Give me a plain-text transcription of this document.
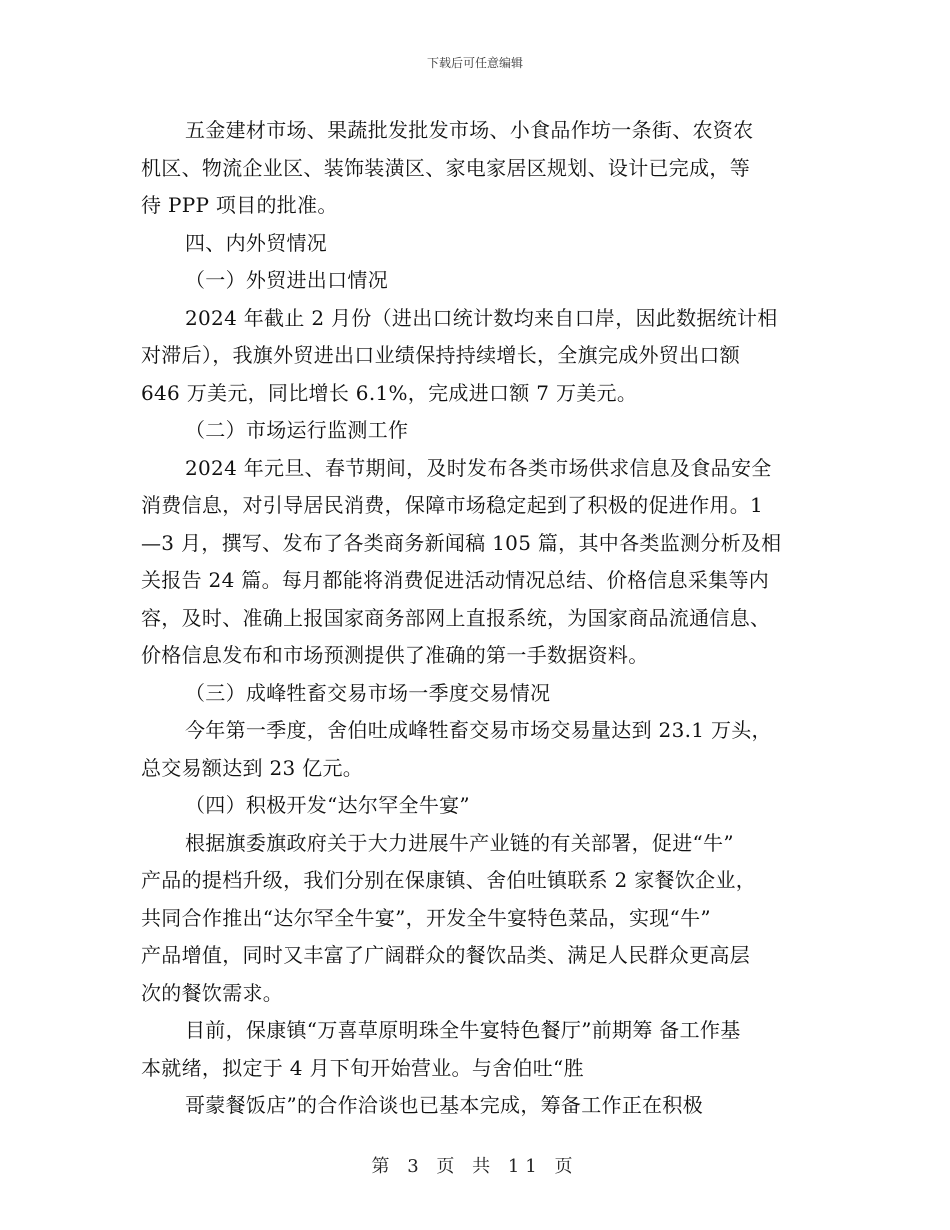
下载后可任意编辑
五金建材市场、果蔬批发批发市场、小食品作坊一条街、农资农
机区、物流企业区、装饰装潢区、家电家居区规划、设计已完成，等
待 PPP 项目的批准。
四、内外贸情况
（一）外贸进出口情况
2024 年截止 2 月份（进出口统计数均来自口岸，因此数据统计相
对滞后），我旗外贸进出口业绩保持持续增长，全旗完成外贸出口额
646 万美元，同比增长 6.1%，完成进口额 7 万美元。
（二）市场运行监测工作
2024 年元旦、春节期间，及时发布各类市场供求信息及食品安全
消费信息，对引导居民消费，保障市场稳定起到了积极的促进作用。1
—3 月，撰写、发布了各类商务新闻稿 105 篇，其中各类监测分析及相
关报告 24 篇。每月都能将消费促进活动情况总结、价格信息采集等内
容，及时、准确上报国家商务部网上直报系统，为国家商品流通信息、
价格信息发布和市场预测提供了准确的第一手数据资料。
（三）成峰牲畜交易市场一季度交易情况
今年第一季度，舍伯吐成峰牲畜交易市场交易量达到 23.1 万头，
总交易额达到 23 亿元。
（四）积极开发“达尔罕全牛宴”
根据旗委旗政府关于大力进展牛产业链的有关部署，促进“牛”
产品的提档升级，我们分别在保康镇、舍伯吐镇联系 2 家餐饮企业，
共同合作推出“达尔罕全牛宴”，开发全牛宴特色菜品，实现“牛”
产品增值，同时又丰富了广阔群众的餐饮品类、满足人民群众更高层
次的餐饮需求。
目前，保康镇“万喜草原明珠全牛宴特色餐厅”前期筹 备工作基
本就绪，拟定于 4 月下旬开始营业。与舍伯吐“胜
哥蒙餐饭店”的合作洽谈也已基本完成，筹备工作正在积极
第 3 页 共 11 页
